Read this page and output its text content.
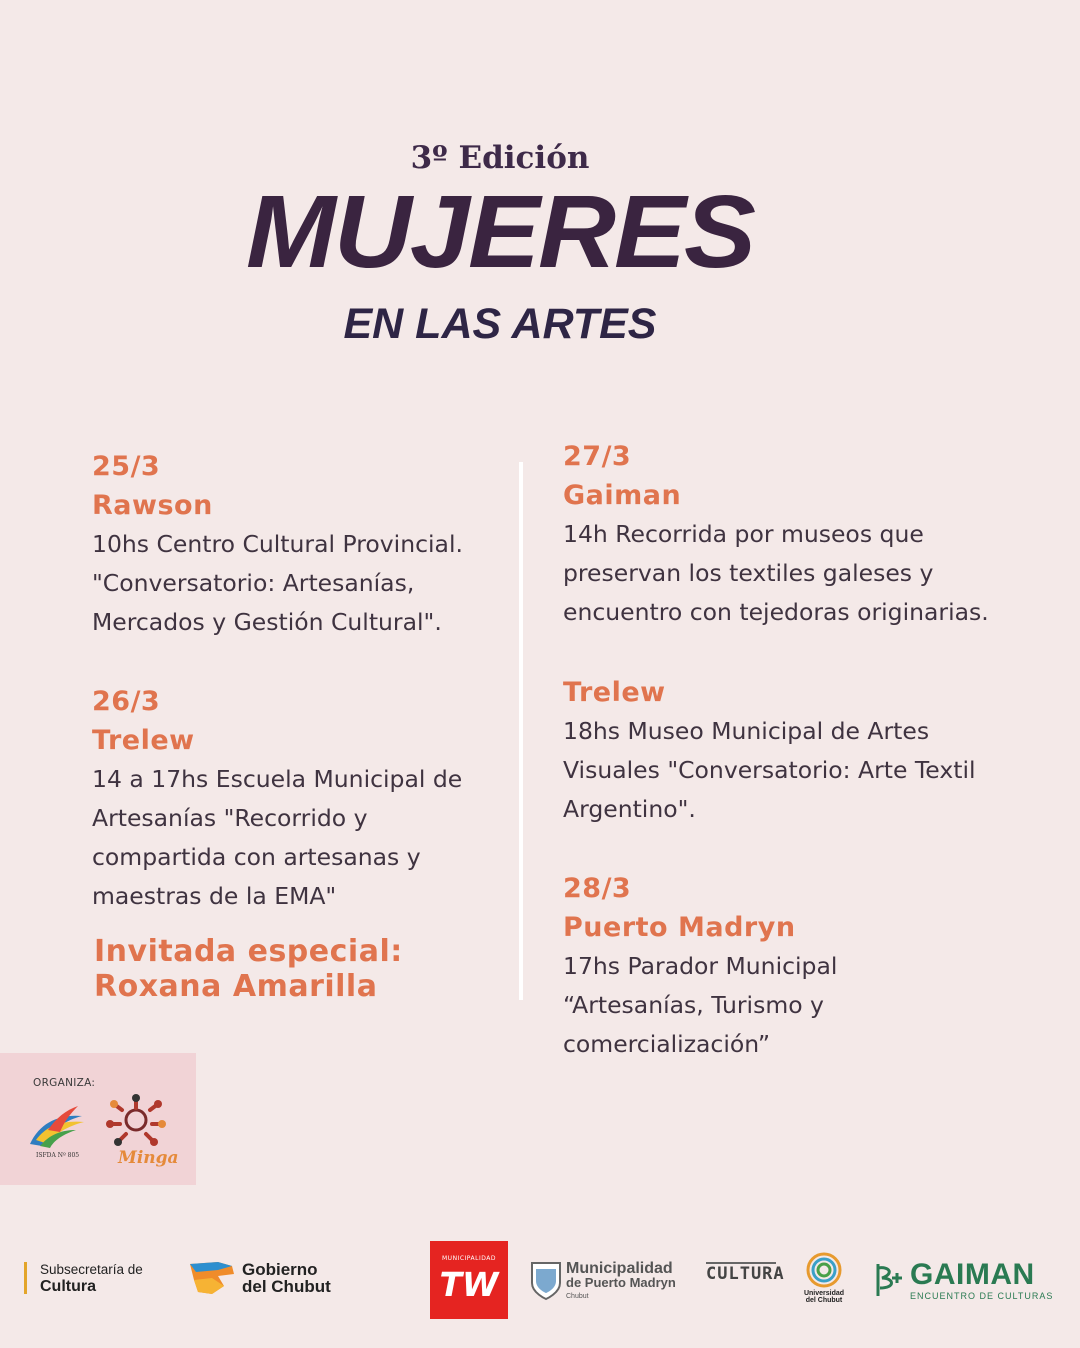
3º Edición
MUJERES
EN LAS ARTES
25/3
Rawson
10hs Centro Cultural Provincial.
"Conversatorio: Artesanías,
Mercados y Gestión Cultural".
26/3
Trelew
14 a 17hs Escuela Municipal de
Artesanías "Recorrido y
compartida con artesanas y
maestras de la EMA"
Invitada especial:
Roxana Amarilla
27/3
Gaiman
14h Recorrida por museos que
preservan los textiles galeses y
encuentro con tejedoras originarias.
Trelew
18hs Museo Municipal de Artes
Visuales "Conversatorio: Arte Textil
Argentino".
28/3
Puerto Madryn
17hs Parador Municipal
“Artesanías, Turismo y
comercialización”
ORGANIZA:
ISFDA Nº 805 Minga
Subsecretaría de
Cultura
Gobierno
del Chubut
MUNICIPALIDAD
TW	Municipalidad
de Puerto Madryn
Chubut
CULTURA
Universidad
del Chubut
GAIMAN
ENCUENTRO DE CULTURAS
